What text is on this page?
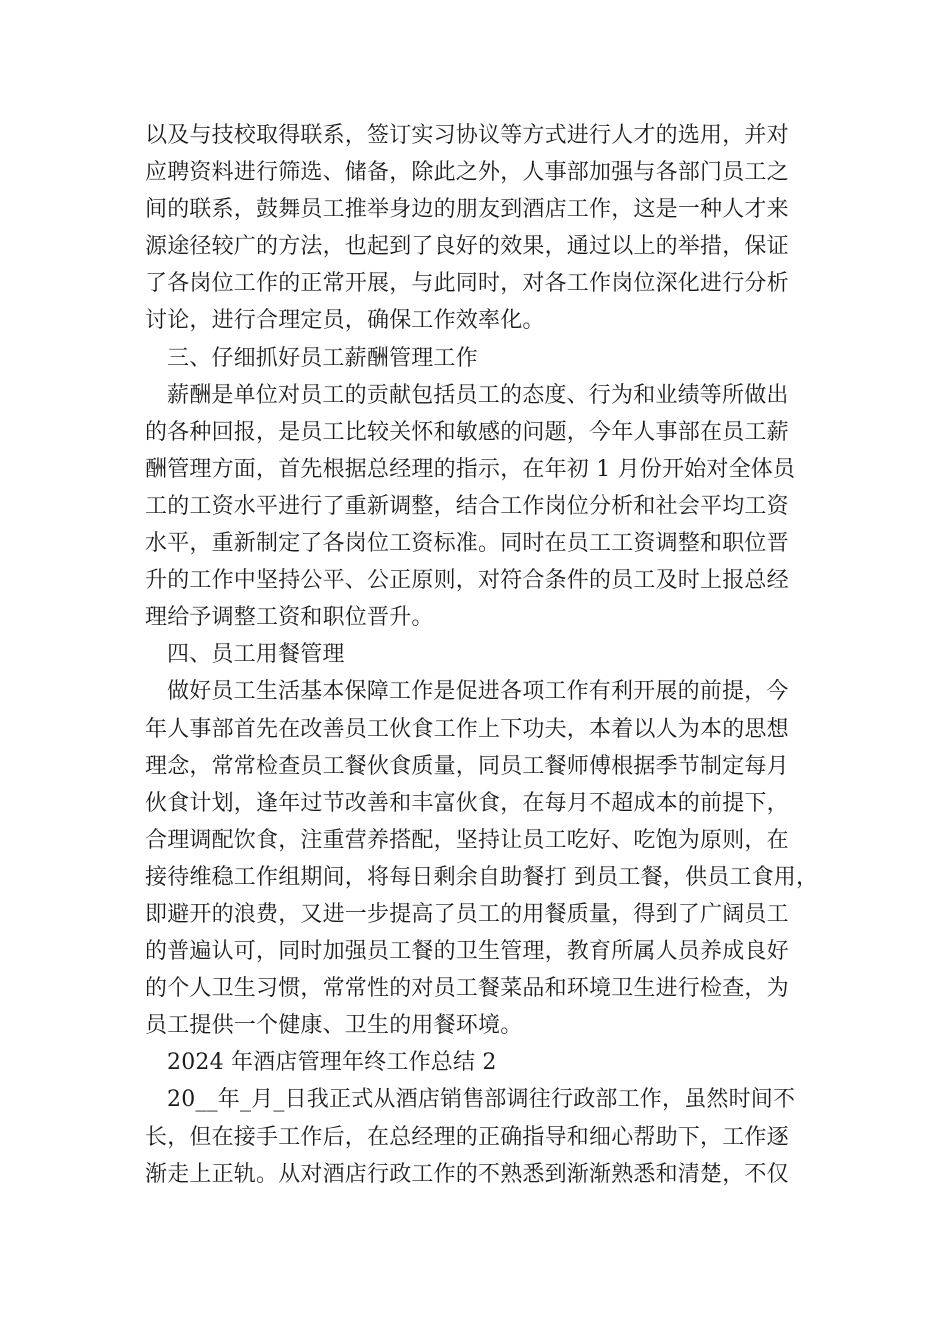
以及与技校取得联系，签订实习协议等方式进行人才的选用，并对
应聘资料进行筛选、储备，除此之外，人事部加强与各部门员工之
间的联系，鼓舞员工推举身边的朋友到酒店工作，这是一种人才来
源途径较广的方法，也起到了良好的效果，通过以上的举措，保证
了各岗位工作的正常开展，与此同时，对各工作岗位深化进行分析
讨论，进行合理定员，确保工作效率化。
三、仔细抓好员工薪酬管理工作
薪酬是单位对员工的贡献包括员工的态度、行为和业绩等所做出
的各种回报，是员工比较关怀和敏感的问题，今年人事部在员工薪
酬管理方面，首先根据总经理的指示，在年初 1 月份开始对全体员
工的工资水平进行了重新调整，结合工作岗位分析和社会平均工资
水平，重新制定了各岗位工资标准。同时在员工工资调整和职位晋
升的工作中坚持公平、公正原则，对符合条件的员工及时上报总经
理给予调整工资和职位晋升。
四、员工用餐管理
做好员工生活基本保障工作是促进各项工作有利开展的前提，今
年人事部首先在改善员工伙食工作上下功夫，本着以人为本的思想
理念，常常检查员工餐伙食质量，同员工餐师傅根据季节制定每月
伙食计划，逢年过节改善和丰富伙食，在每月不超成本的前提下，
合理调配饮食，注重营养搭配，坚持让员工吃好、吃饱为原则，在
接待维稳工作组期间，将每日剩余自助餐打 到员工餐，供员工食用，
即避开的浪费，又进一步提高了员工的用餐质量，得到了广阔员工
的普遍认可，同时加强员工餐的卫生管理，教育所属人员养成良好
的个人卫生习惯，常常性的对员工餐菜品和环境卫生进行检查，为
员工提供一个健康、卫生的用餐环境。
2024 年酒店管理年终工作总结 2
20__年_月_日我正式从酒店销售部调往行政部工作，虽然时间不
长，但在接手工作后，在总经理的正确指导和细心帮助下，工作逐
渐走上正轨。从对酒店行政工作的不熟悉到渐渐熟悉和清楚，不仅
